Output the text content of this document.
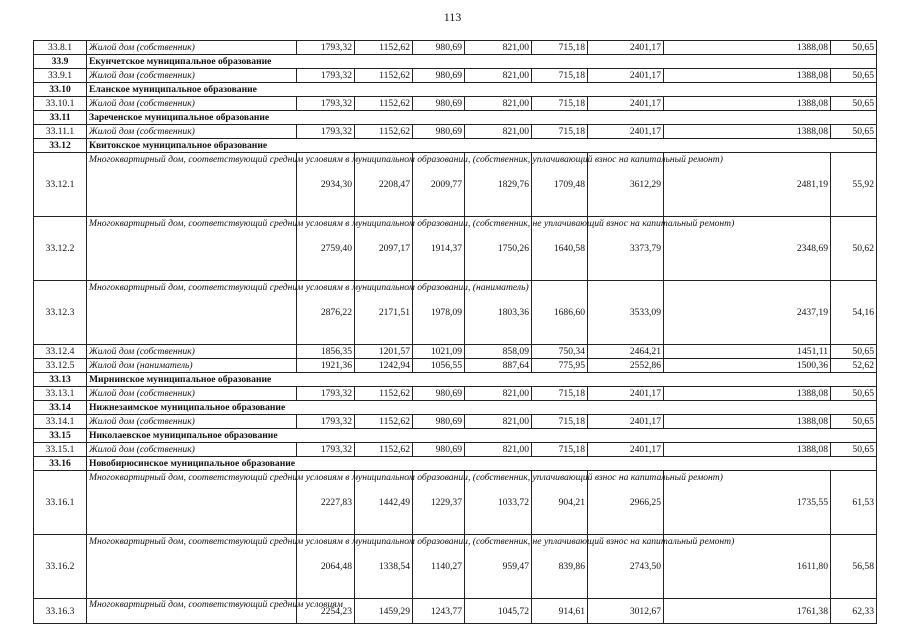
113
33.8.1	Жилой дом (собственник)	1793,32	1152,62	980,69	821,00	715,18	2401,17	1388,08	50,65
33.9	Екунчетское муниципальное образование								
33.9.1	Жилой дом (собственник)	1793,32	1152,62	980,69	821,00	715,18	2401,17	1388,08	50,65
33.10	Еланское муниципальное образование								
33.10.1	Жилой дом (собственник)	1793,32	1152,62	980,69	821,00	715,18	2401,17	1388,08	50,65
33.11	Зареченское муниципальное образование								
33.11.1	Жилой дом (собственник)	1793,32	1152,62	980,69	821,00	715,18	2401,17	1388,08	50,65
33.12	Квитокское муниципальное образование								
33.12.1	Многоквартирный дом, соответствующий средним условиям в муниципальном образовании, (собственник, уплачивающий взнос на капитальный ремонт)	2934,30	2208,47	2009,77	1829,76	1709,48	3612,29	2481,19	55,92
33.12.2	Многоквартирный дом, соответствующий средним условиям в муниципальном образовании, (собственник, не уплачивающий взнос на капитальный ремонт)	2759,40	2097,17	1914,37	1750,26	1640,58	3373,79	2348,69	50,62
33.12.3	Многоквартирный дом, соответствующий средним условиям в муниципальном образовании, (наниматель)	2876,22	2171,51	1978,09	1803,36	1686,60	3533,09	2437,19	54,16
33.12.4	Жилой дом (собственник)	1856,35	1201,57	1021,09	858,09	750,34	2464,21	1451,11	50,65
33.12.5	Жилой дом (наниматель)	1921,36	1242,94	1056,55	887,64	775,95	2552,86	1500,36	52,62
33.13	Мирнинское муниципальное образование								
33.13.1	Жилой дом (собственник)	1793,32	1152,62	980,69	821,00	715,18	2401,17	1388,08	50,65
33.14	Нижнезаимское муниципальное образование								
33.14.1	Жилой дом (собственник)	1793,32	1152,62	980,69	821,00	715,18	2401,17	1388,08	50,65
33.15	Николаевское муниципальное образование								
33.15.1	Жилой дом (собственник)	1793,32	1152,62	980,69	821,00	715,18	2401,17	1388,08	50,65
33.16	Новобирюсинское муниципальное образование								
33.16.1	Многоквартирный дом, соответствующий средним условиям в муниципальном образовании, (собственник, уплачивающий взнос на капитальный ремонт)	2227,83	1442,49	1229,37	1033,72	904,21	2966,25	1735,55	61,53
33.16.2	Многоквартирный дом, соответствующий средним условиям в муниципальном образовании, (собственник, не уплачивающий взнос на капитальный ремонт)	2064,48	1338,54	1140,27	959,47	839,86	2743,50	1611,80	56,58
33.16.3	Многоквартирный дом, соответствующий средним условиям	2254,23	1459,29	1243,77	1045,72	914,61	3012,67	1761,38	62,33
